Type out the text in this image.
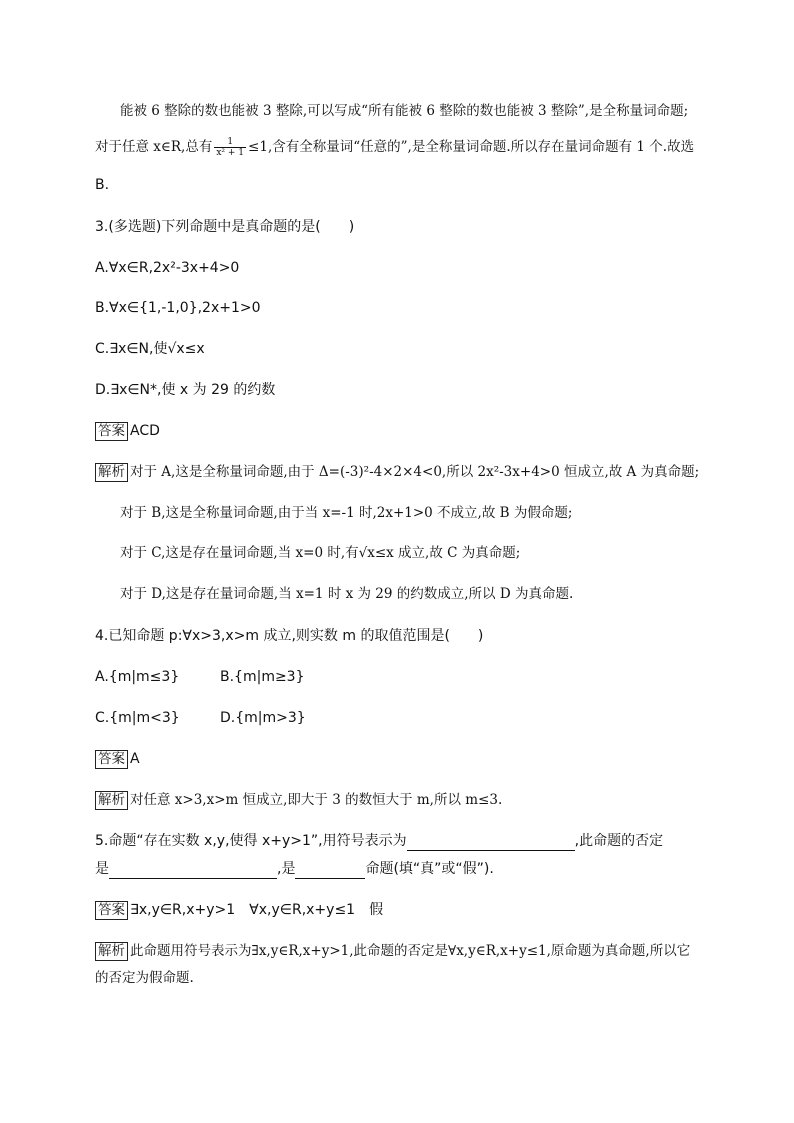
能被 6 整除的数也能被 3 整除,可以写成“所有能被 6 整除的数也能被 3 整除”,是全称量词命题;
对于任意 x∈R,总有 $\frac{1}{\text{x² + 1}} \le 1$,含有全称量词“任意的”,是全称量词命题.所以存在量词命题有 1 个.故选
B.
3.(多选题)下列命题中是真命题的是(　　)
A.∀x∈R,2x²-3x+4>0
B.∀x∈{1,-1,0},2x+1>0
C.∃x∈N,使√x≤x
D.∃x∈N*,使 x 为 29 的约数
答案 ACD
解析 对于 A,这是全称量词命题,由于 Δ=(-3)²-4×2×4<0,所以 2x²-3x+4>0 恒成立,故 A 为真命题;
对于 B,这是全称量词命题,由于当 x=-1 时,2x+1>0 不成立,故 B 为假命题;
对于 C,这是存在量词命题,当 x=0 时,有√x≤x 成立,故 C 为真命题;
对于 D,这是存在量词命题,当 x=1 时 x 为 29 的约数成立,所以 D 为真命题.
4.已知命题 p:∀x>3,x>m 成立,则实数 m 的取值范围是(　　)
A.{m|m≤3}	B.{m|m≥3}
C.{m|m<3}	D.{m|m>3}
答案 A
解析 对任意 x>3,x>m 恒成立,即大于 3 的数恒大于 m,所以 m≤3.
5.命题“存在实数 x,y,使得 x+y>1”,用符号表示为	,此命题的否定
是	,是	命题(填“真”或“假”).
答案 ∃x,y∈R,x+y>1　∀x,y∈R,x+y≤1　假
解析 此命题用符号表示为∃x,y∈R,x+y>1,此命题的否定是∀x,y∈R,x+y≤1,原命题为真命题,所以它
的否定为假命题.
